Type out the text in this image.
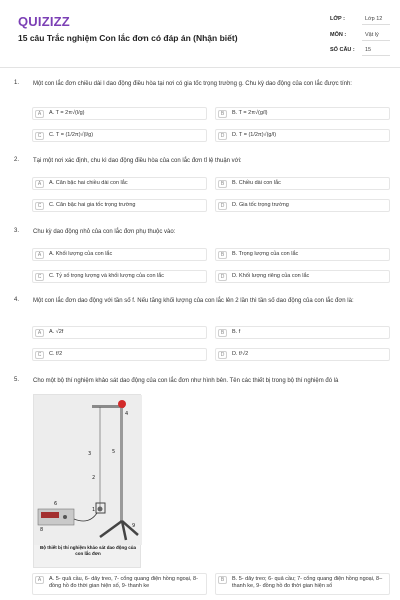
QUIZIZZ
15 câu Trắc nghiệm Con lắc đơn có đáp án (Nhận biết)
LỚP :	Lớp 12
MÔN :	Vật lý
SỐ CÂU :	15
1. Một con lắc đơn chiều dài l dao động điều hòa tại nơi có gia tốc trọng trường g. Chu kỳ dao động của con lắc được tính:
A	A. T = 2π√(l/g)	B	B. T = 2π√(g/l)
C	C. T = (1/2π)√(l/g)	D	D. T = (1/2π)√(g/l)
2. Tại một nơi xác định, chu kì dao động điều hòa của con lắc đơn tỉ lệ thuận với:
A	A. Căn bậc hai chiều dài con lắc	B	B. Chiều dài con lắc
C	C. Căn bậc hai gia tốc trọng trường	D	D. Gia tốc trọng trường
3. Chu kỳ dao động nhỏ của con lắc đơn phụ thuộc vào:
A	A. Khối lượng của con lắc	B	B. Trọng lượng của con lắc
C	C. Tỷ số trọng lượng và khối lượng của con lắc	D	D. Khối lượng riêng của con lắc
4. Một con lắc đơn dao động với tần số f. Nếu tăng khối lượng của con lắc lên 2 lần thì tần số dao động của con lắc đơn là:
A	A. √2f	B	B. f
C	C. f/2	D	D. f/√2
5. Cho một bộ thí nghiệm khảo sát dao động của con lắc đơn như hình bên. Tên các thiết bị trong bộ thí nghiệm đó là
4
3	5
2
6
1
8
9
Bộ thiết bị thí nghiệm khảo sát dao động của con lắc đơn
A	A. 5- quả cầu, 6- dây treo, 7- cổng quang điện hồng ngoại, 8- đồng hồ đo thời gian hiện số, 9- thanh ke
B	B. 5- dây treo; 6- quả cầu; 7- cổng quang điện hồng ngoại, 8– thanh ke, 9- đồng hồ đo thời gian hiện số
